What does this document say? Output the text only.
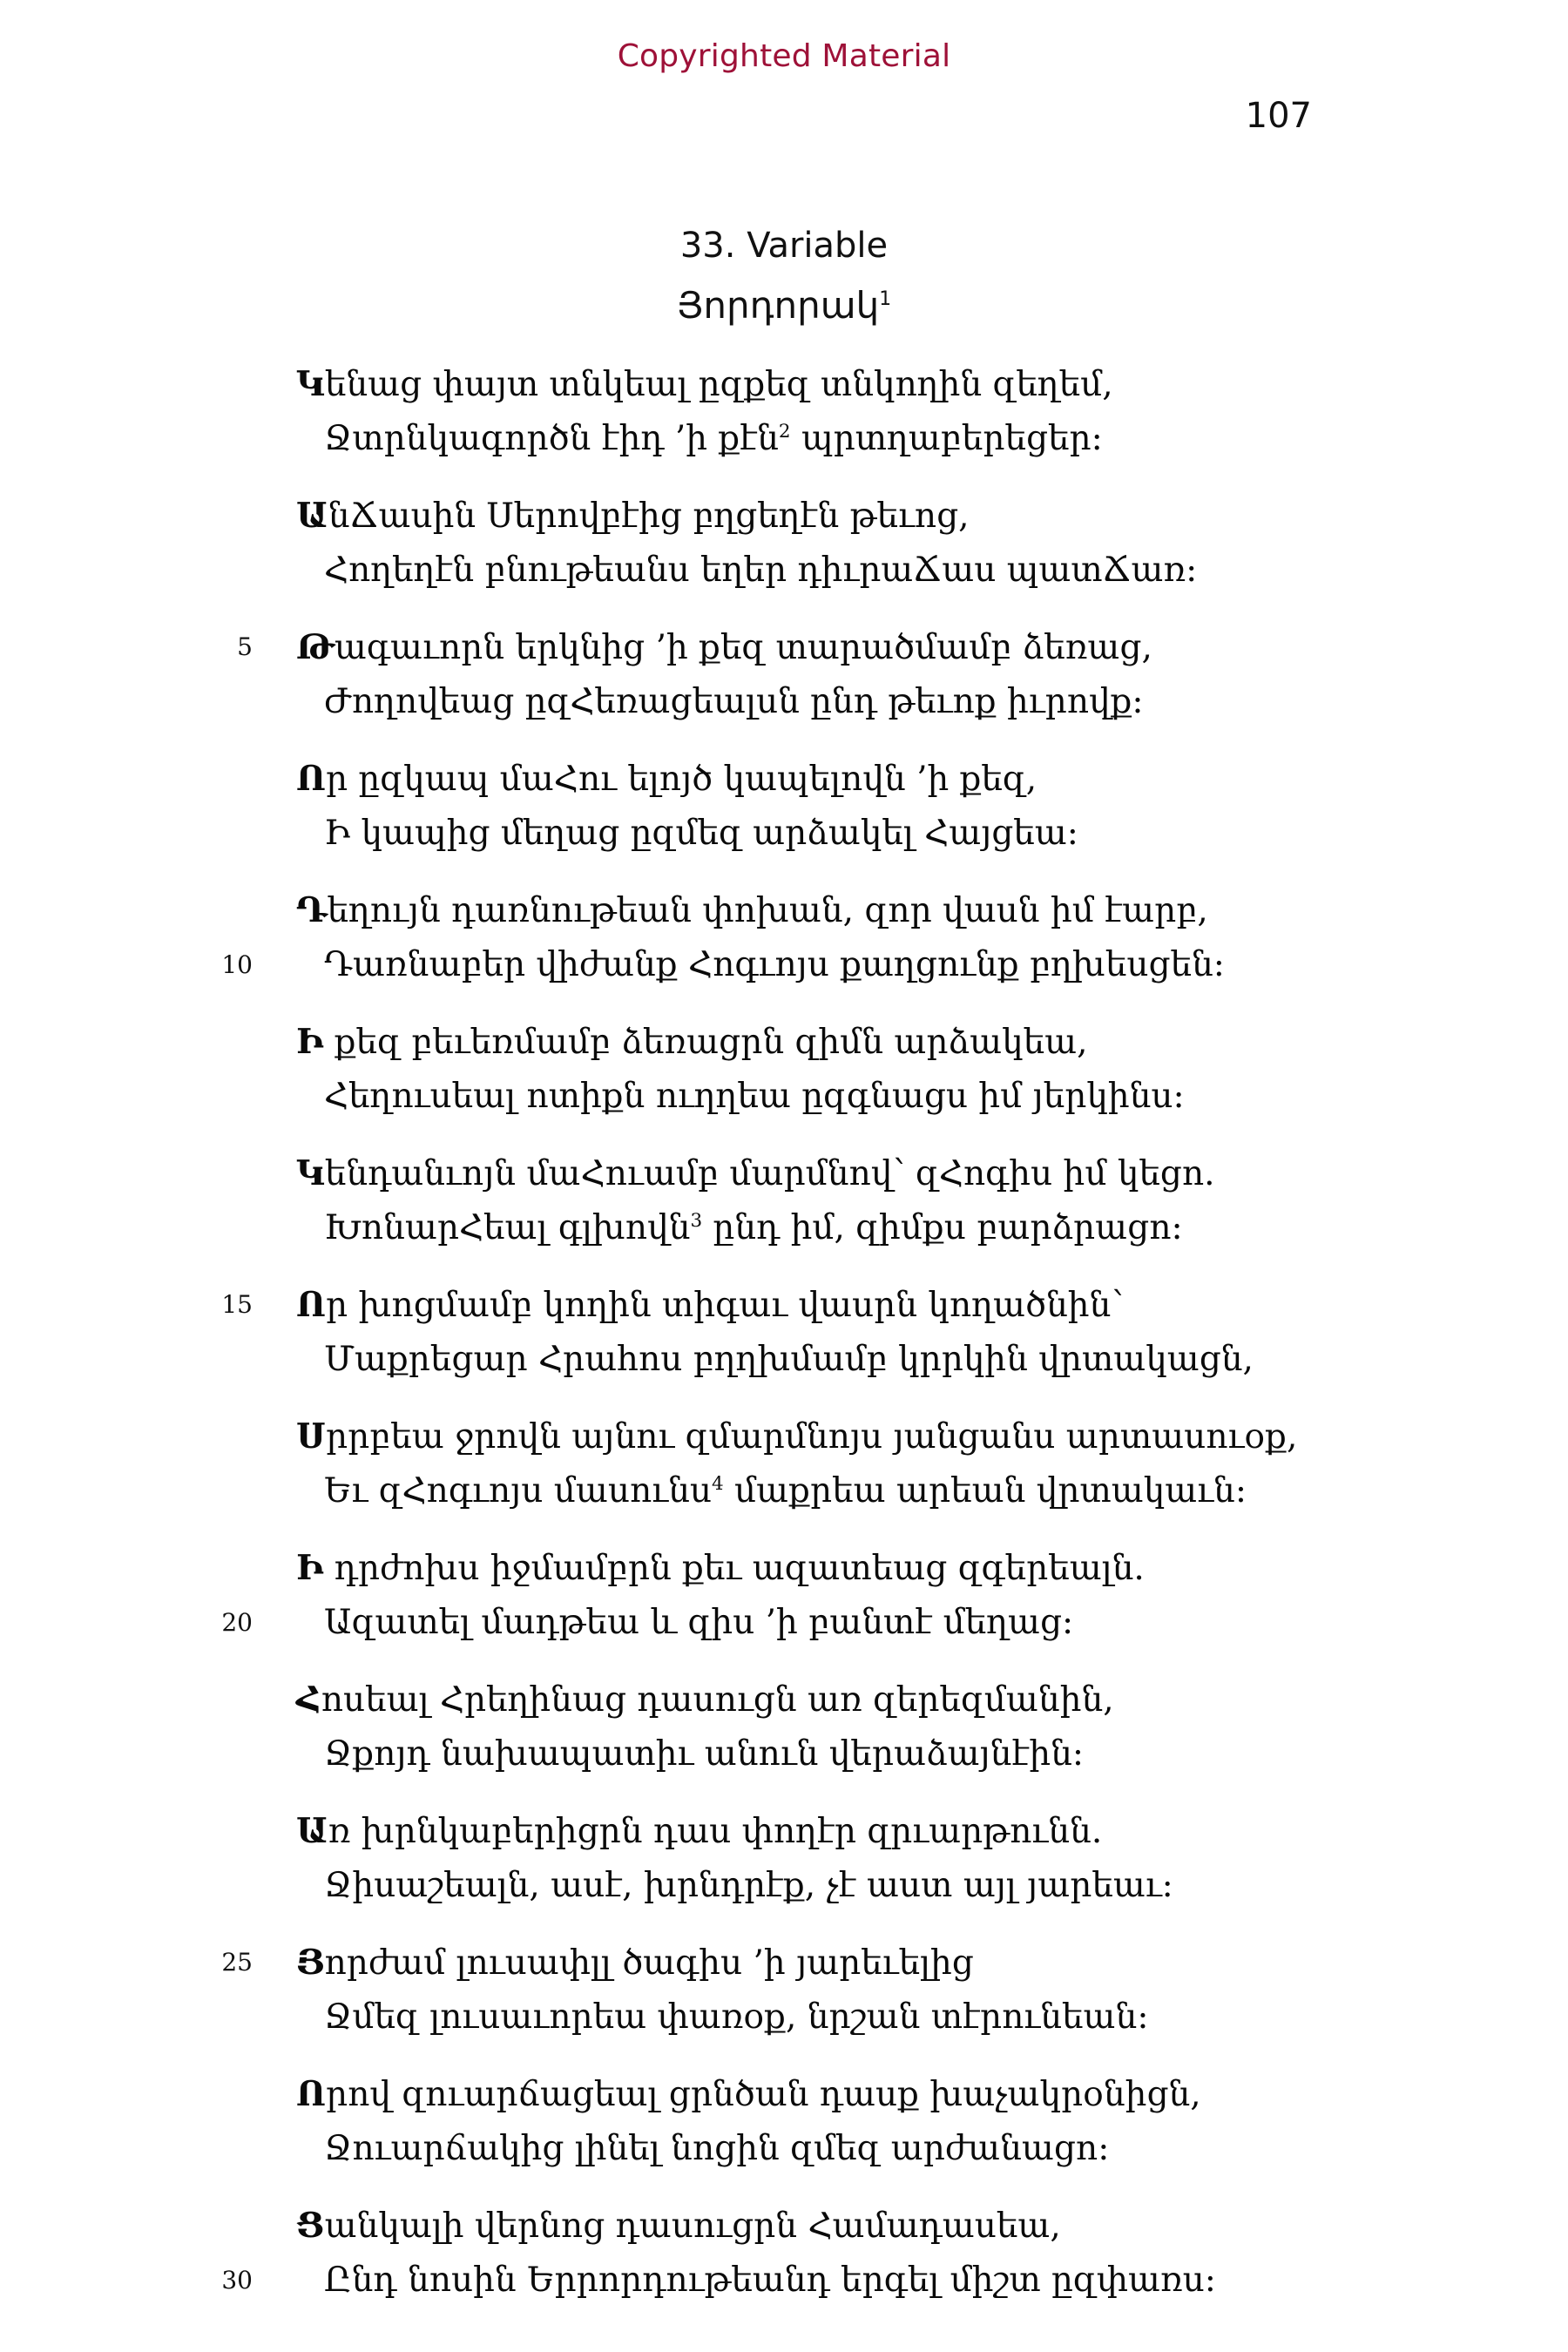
Copyrighted Material
107
33. Variable
Յորդորակ$^1$
Կենաց փայտ տնկեալ ըզքեզ տնկողին զեղեմ,
Ջտրնկագործն էիդ ’ի քէն$^2$ պրտղաբերեցեր:
ԱնՃասին Սերովբէից բղցեղէն թեւոց,
Հողեղէն բնութեանս եղեր դիւրաՃաս պատՃառ:
5 Թագաւորն երկնից ’ի քեզ տարածմամբ ձեռաց,
Ժողովեաց ըզՀեռացեալսն ընդ թեւոք իւրովք:
Որ ըզկապ մաՀու ելոյծ կապելովն ’ի քեզ,
Ի կապից մեղաց ըզմեզ արձակել Հայցեա:
Դեղույն դառնութեան փոխան, զոր վասն իմ էարբ,
10 Դառնաբեր վիժանք Հոգւոյս քաղցունք բղխեսցեն:
Ի քեզ բեւեռմամբ ձեռացրն զիմն արձակեա,
Հեղուսեալ ոտիքն ուղղեա ըզգնացս իմ յերկինս:
Կենդանւոյն մաՀուամբ մարմնով՝ զՀոգիս իմ կեցո.
ԽոնարՀեալ գլխովն$^3$ ընդ իմ, զիմքս բարձրացո:
15 Որ խոցմամբ կողին տիգաւ վասրն կողածնին՝
Մաքրեցար Հրահոս բղղխմամբ կրրկին վրտակացն,
Սրրբեա ջրովն այնու զմարմնոյս յանցանս արտասուօք,
Եւ զՀոգւոյս մասունս$^4$ մաքրեա արեան վրտակաւն:
Ի դրժոխս իջմամբրն քեւ ազատեաց զգերեալն.
20 Ազատել մադթեա և զիս ’ի բանտէ մեղաց:
Հոսեալ Հրեղինաց դասուցն առ զերեզմանին,
Ջքոյդ նախապատիւ անուն վերաձայնէին:
Առ խրնկաբերիցրն դաս փողէր զրւարթունն.
Ջիսաշեալն, ասէ, խրնդրէք, չէ աստ այլ յարեաւ:
25 Յորժամ լուսափլլ ծագիս ’ի յարեւելից
Ջմեզ լուսաւորեա փառօք, նրշան տէրունեան:
Որով զուարճացեալ ցրնծան դասք խաչակրօնիցն,
Ջուարճակից լինել նոցին զմեզ արժանացո:
Ցանկալի վերնոց դասուցրն Համադասեա,
30 Ընդ նոսին Երրորդութեանդ երգել միշտ ըզփառս:
